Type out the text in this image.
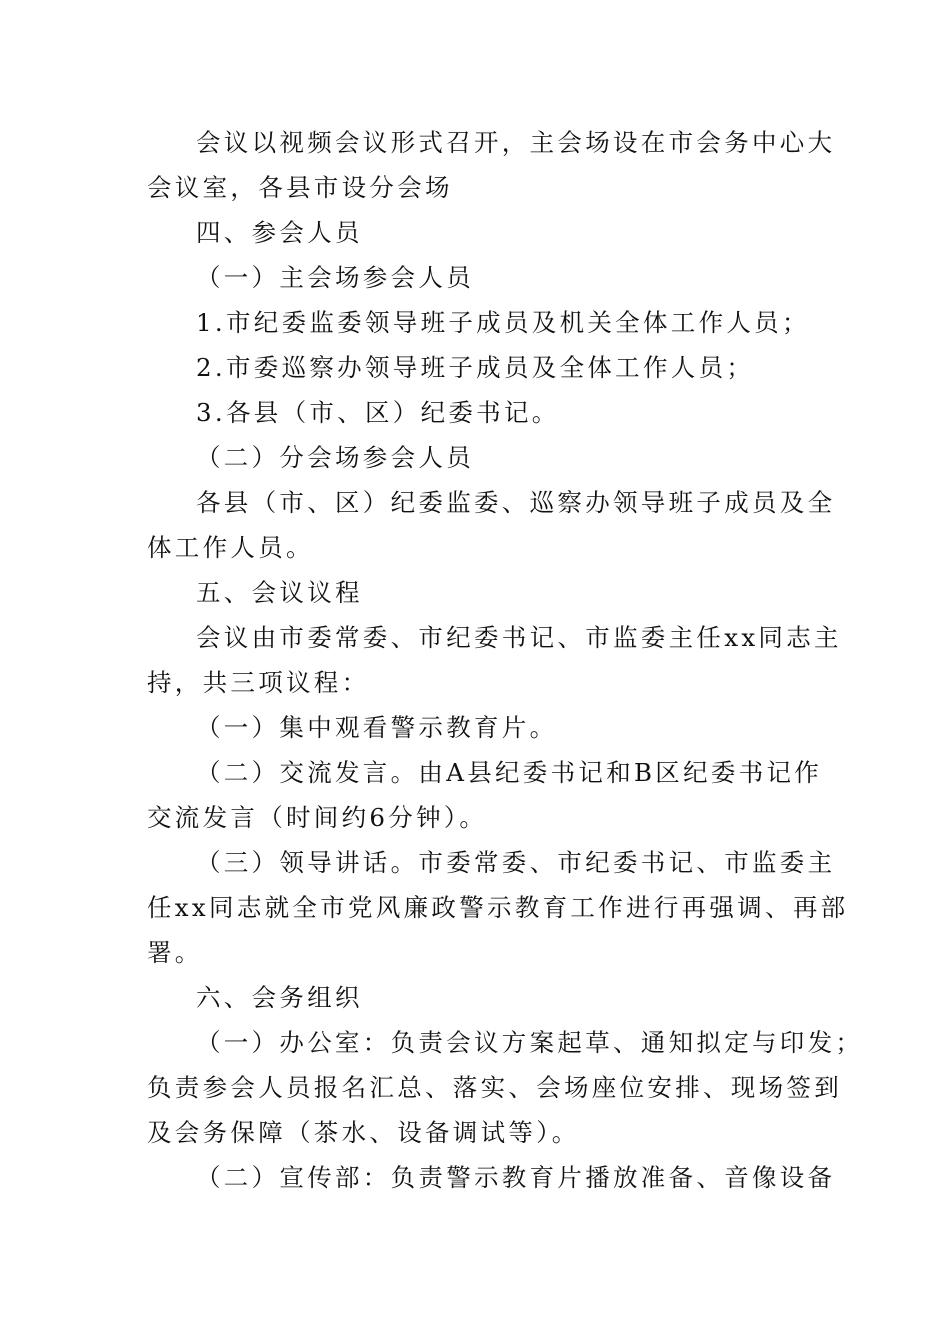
会议以视频会议形式召开，主会场设在市会务中心大
会议室，各县市设分会场
四、参会人员
（一）主会场参会人员
1.市纪委监委领导班子成员及机关全体工作人员；
2.市委巡察办领导班子成员及全体工作人员；
3.各县（市、区）纪委书记。
（二）分会场参会人员
各县（市、区）纪委监委、巡察办领导班子成员及全
体工作人员。
五、会议议程
会议由市委常委、市纪委书记、市监委主任xx同志主
持，共三项议程：
（一）集中观看警示教育片。
（二）交流发言。由A县纪委书记和B区纪委书记作
交流发言（时间约6分钟）。
（三）领导讲话。市委常委、市纪委书记、市监委主
任xx同志就全市党风廉政警示教育工作进行再强调、再部
署。
六、会务组织
（一）办公室：负责会议方案起草、通知拟定与印发；
负责参会人员报名汇总、落实、会场座位安排、现场签到
及会务保障（茶水、设备调试等）。
（二）宣传部：负责警示教育片播放准备、音像设备
